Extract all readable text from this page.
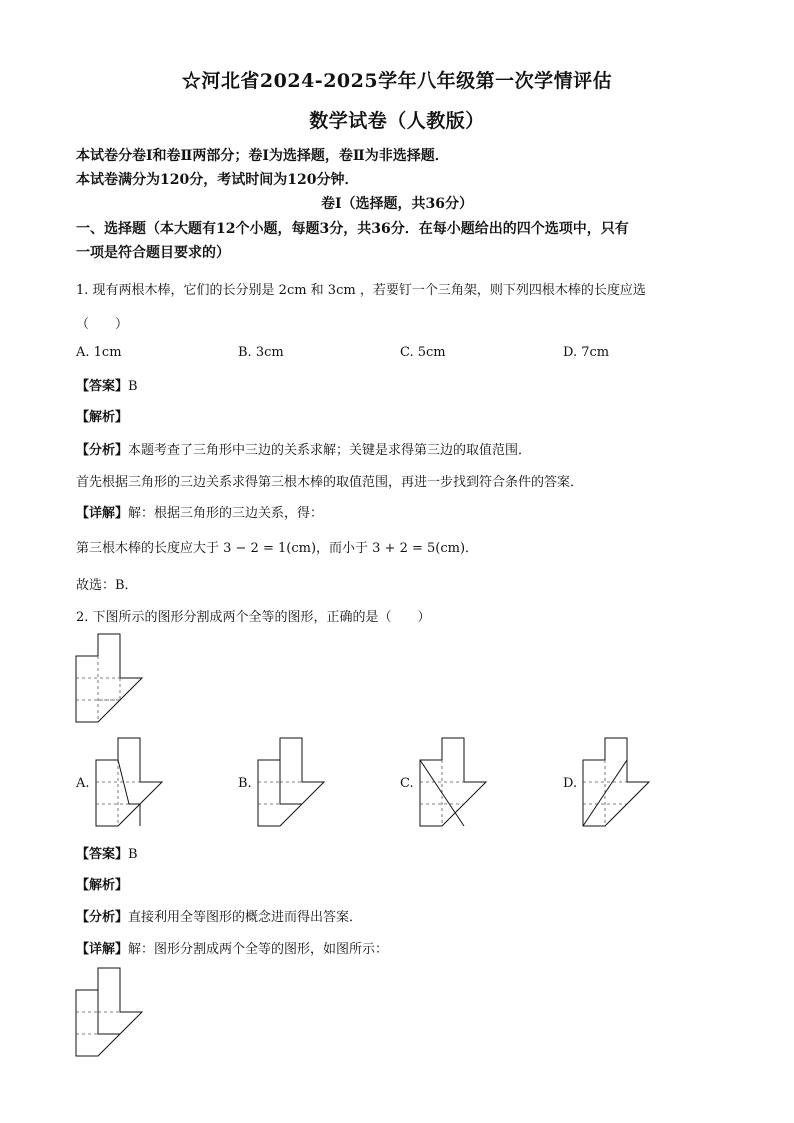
☆河北省2024-2025学年八年级第一次学情评估
数学试卷（人教版）
本试卷分卷Ⅰ和卷Ⅱ两部分；卷Ⅰ为选择题，卷Ⅱ为非选择题．
本试卷满分为120分，考试时间为120分钟．
卷Ⅰ（选择题，共36分）
一、选择题（本大题有12个小题，每题3分，共36分．在每小题给出的四个选项中，只有
一项是符合题目要求的）
1. 现有两根木棒，它们的长分别是 2cm 和 3cm ，若要钉一个三角架，则下列四根木棒的长度应选
（　　）
A. 1cm	B. 3cm	C. 5cm	D. 7cm
【答案】B
【解析】
【分析】本题考查了三角形中三边的关系求解；关键是求得第三边的取值范围．
首先根据三角形的三边关系求得第三根木棒的取值范围，再进一步找到符合条件的答案．
【详解】解：根据三角形的三边关系，得：
第三根木棒的长度应大于 3 − 2 = 1(cm)，而小于 3 + 2 = 5(cm)．
故选：B．
2. 下图所示的图形分割成两个全等的图形，正确的是（　　）
A.	B.	C.	D.
【答案】B
【解析】
【分析】直接利用全等图形的概念进而得出答案．
【详解】解：图形分割成两个全等的图形，如图所示：
